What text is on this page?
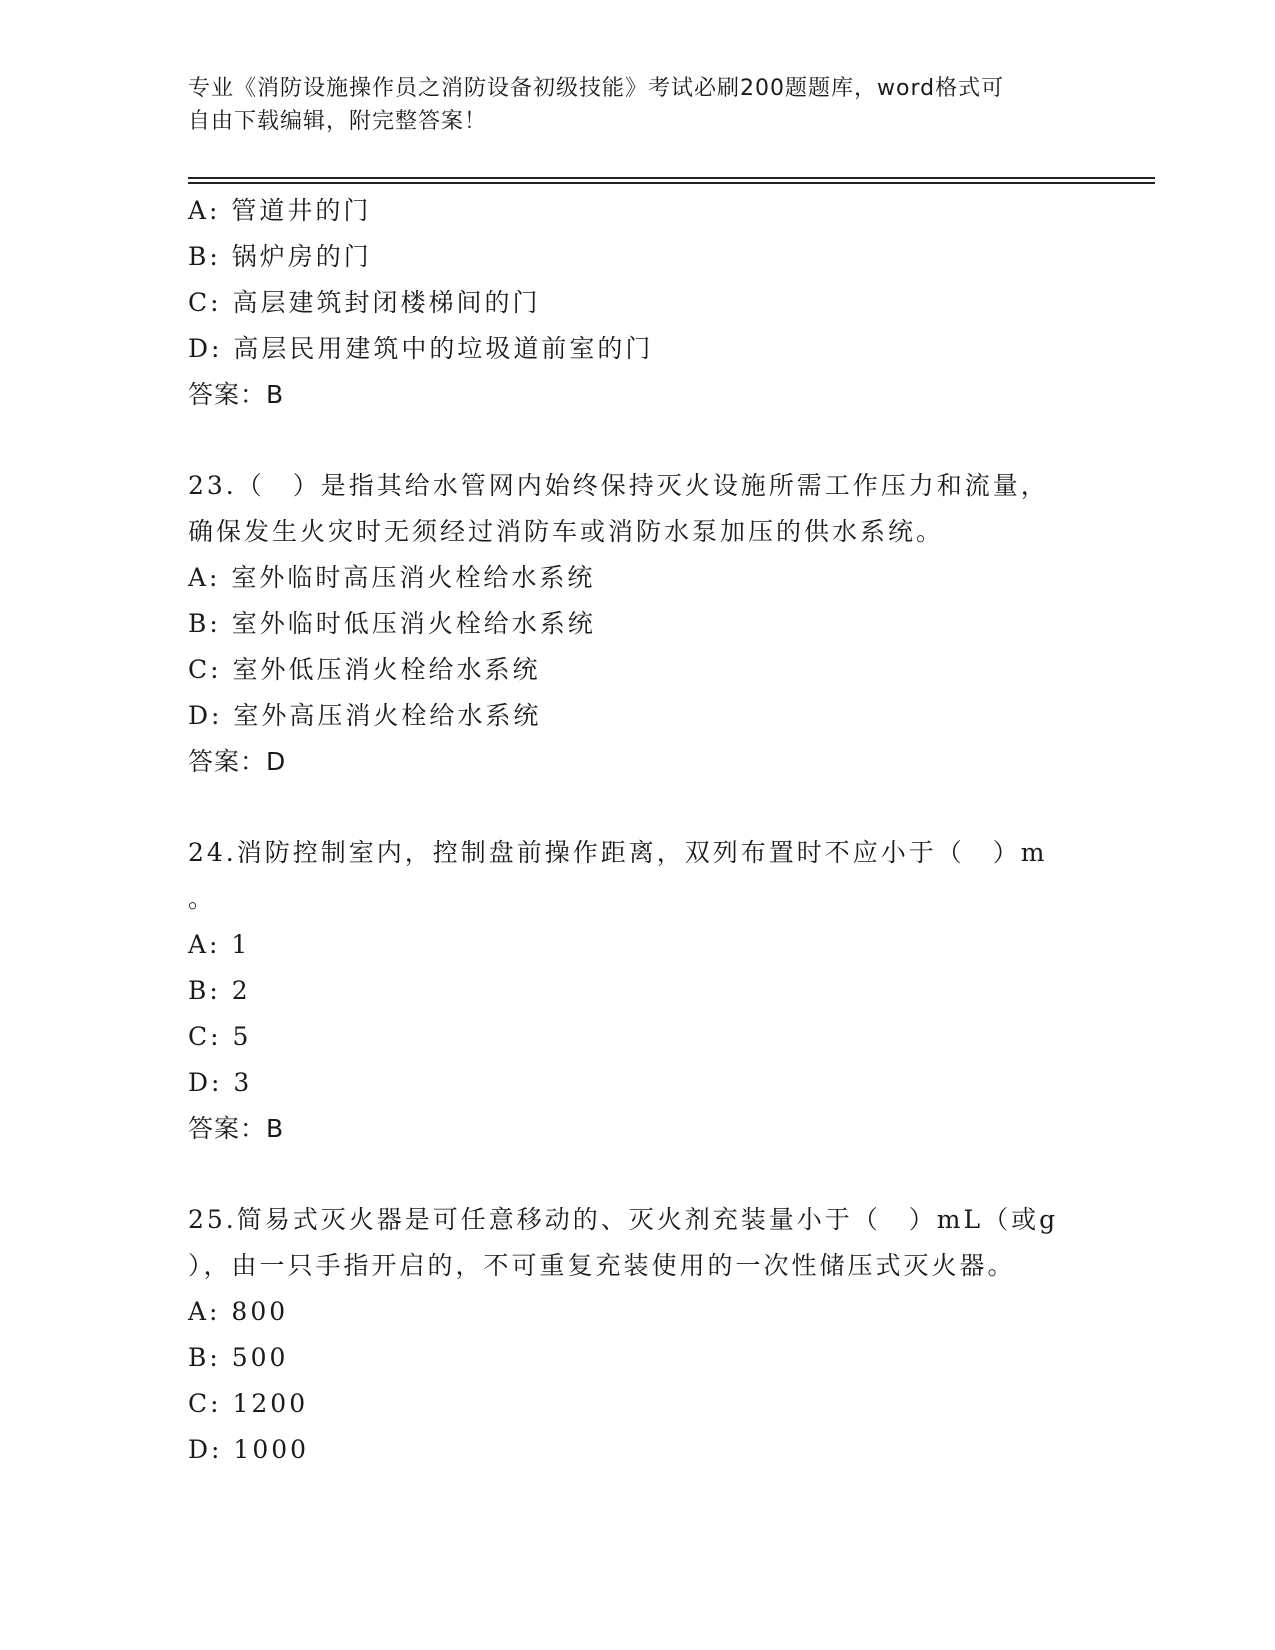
专业《消防设施操作员之消防设备初级技能》考试必刷200题题库，word格式可
自由下载编辑，附完整答案！
A: 管道井的门
B: 锅炉房的门
C: 高层建筑封闭楼梯间的门
D: 高层民用建筑中的垃圾道前室的门
答案：B
23.（　）是指其给水管网内始终保持灭火设施所需工作压力和流量，
确保发生火灾时无须经过消防车或消防水泵加压的供水系统。
A: 室外临时高压消火栓给水系统
B: 室外临时低压消火栓给水系统
C: 室外低压消火栓给水系统
D: 室外高压消火栓给水系统
答案：D
24.消防控制室内，控制盘前操作距离，双列布置时不应小于（　）m
。
A: 1
B: 2
C: 5
D: 3
答案：B
25.简易式灭火器是可任意移动的、灭火剂充装量小于（　）mL（或g
），由一只手指开启的，不可重复充装使用的一次性储压式灭火器。
A: 800
B: 500
C: 1200
D: 1000
